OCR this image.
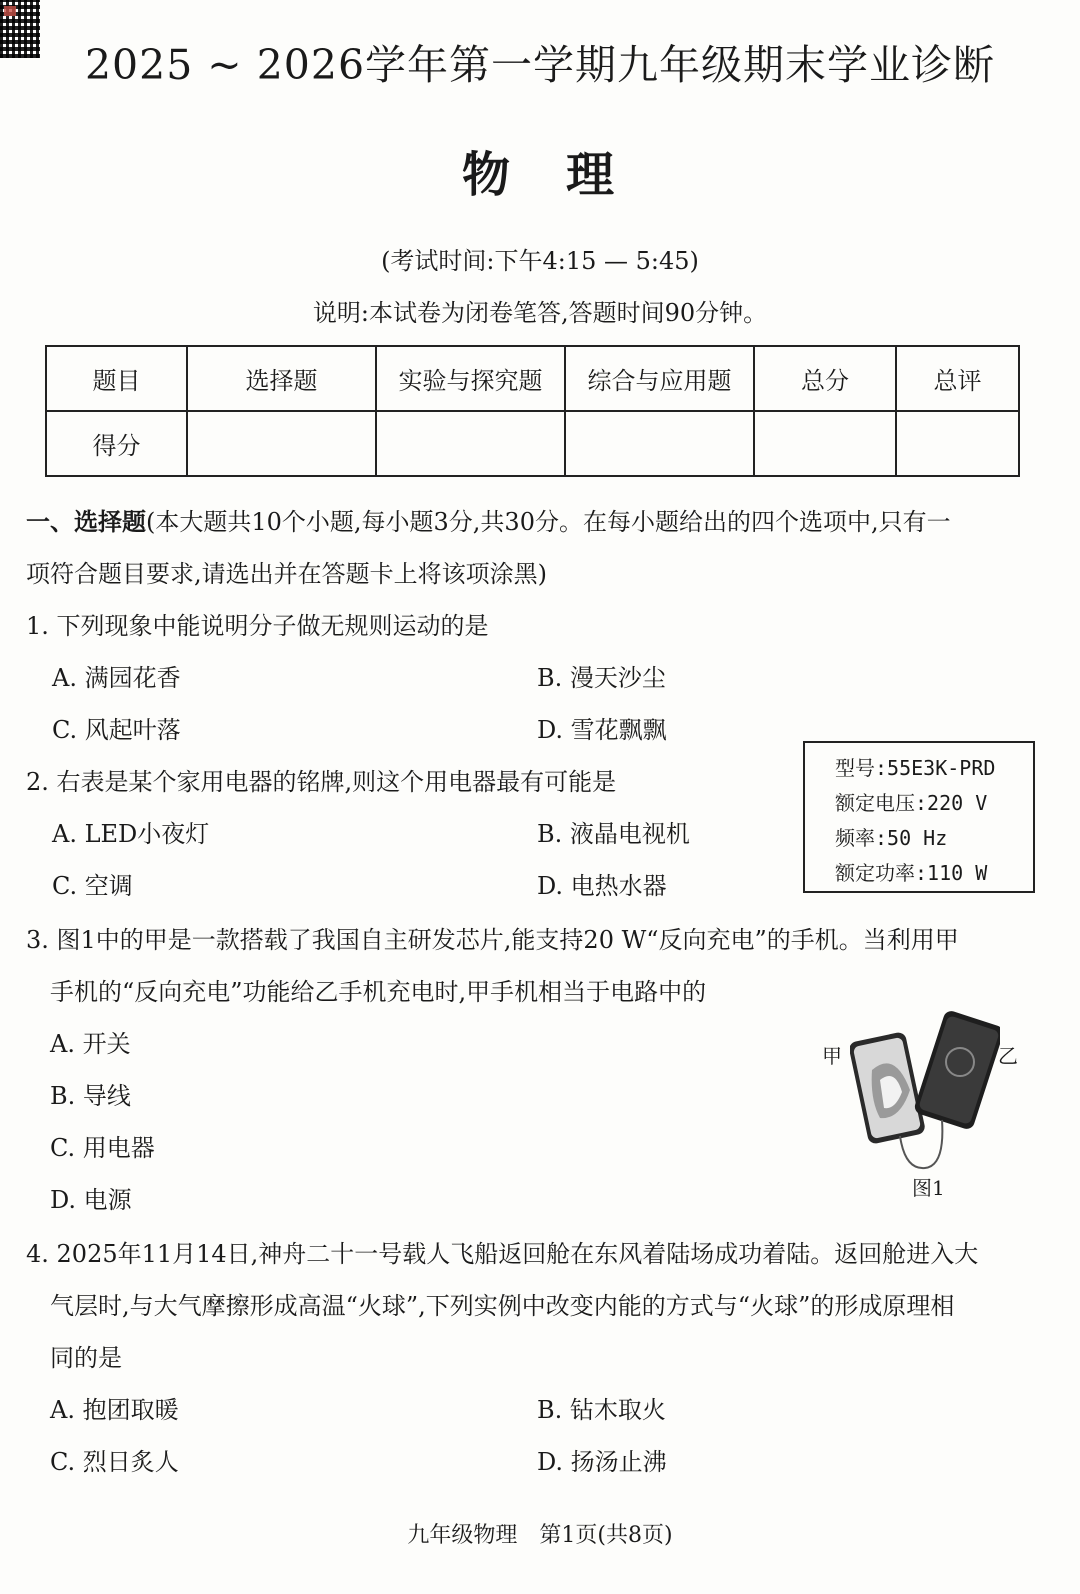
2025 ~ 2026学年第一学期九年级期末学业诊断
物　理
(考试时间:下午4:15 — 5:45)
说明:本试卷为闭卷笔答,答题时间90分钟。
题目	选择题	实验与探究题	综合与应用题	总分	总评
得分					
一、选择题(本大题共10个小题,每小题3分,共30分。在每小题给出的四个选项中,只有一
项符合题目要求,请选出并在答题卡上将该项涂黑)
1. 下列现象中能说明分子做无规则运动的是
A. 满园花香	B. 漫天沙尘
C. 风起叶落	D. 雪花飘飘
2. 右表是某个家用电器的铭牌,则这个用电器最有可能是
A. LED小夜灯	B. 液晶电视机
C. 空调	D. 电热水器
型号:55E3K-PRD
额定电压:220 V
频率:50 Hz
额定功率:110 W
3. 图1中的甲是一款搭载了我国自主研发芯片,能支持20 W“反向充电”的手机。当利用甲
手机的“反向充电”功能给乙手机充电时,甲手机相当于电路中的
A. 开关
B. 导线
C. 用电器
D. 电源
甲	乙
图1
4. 2025年11月14日,神舟二十一号载人飞船返回舱在东风着陆场成功着陆。返回舱进入大
气层时,与大气摩擦形成高温“火球”,下列实例中改变内能的方式与“火球”的形成原理相
同的是
A. 抱团取暖	B. 钻木取火
C. 烈日炙人	D. 扬汤止沸
九年级物理　第1页(共8页)
